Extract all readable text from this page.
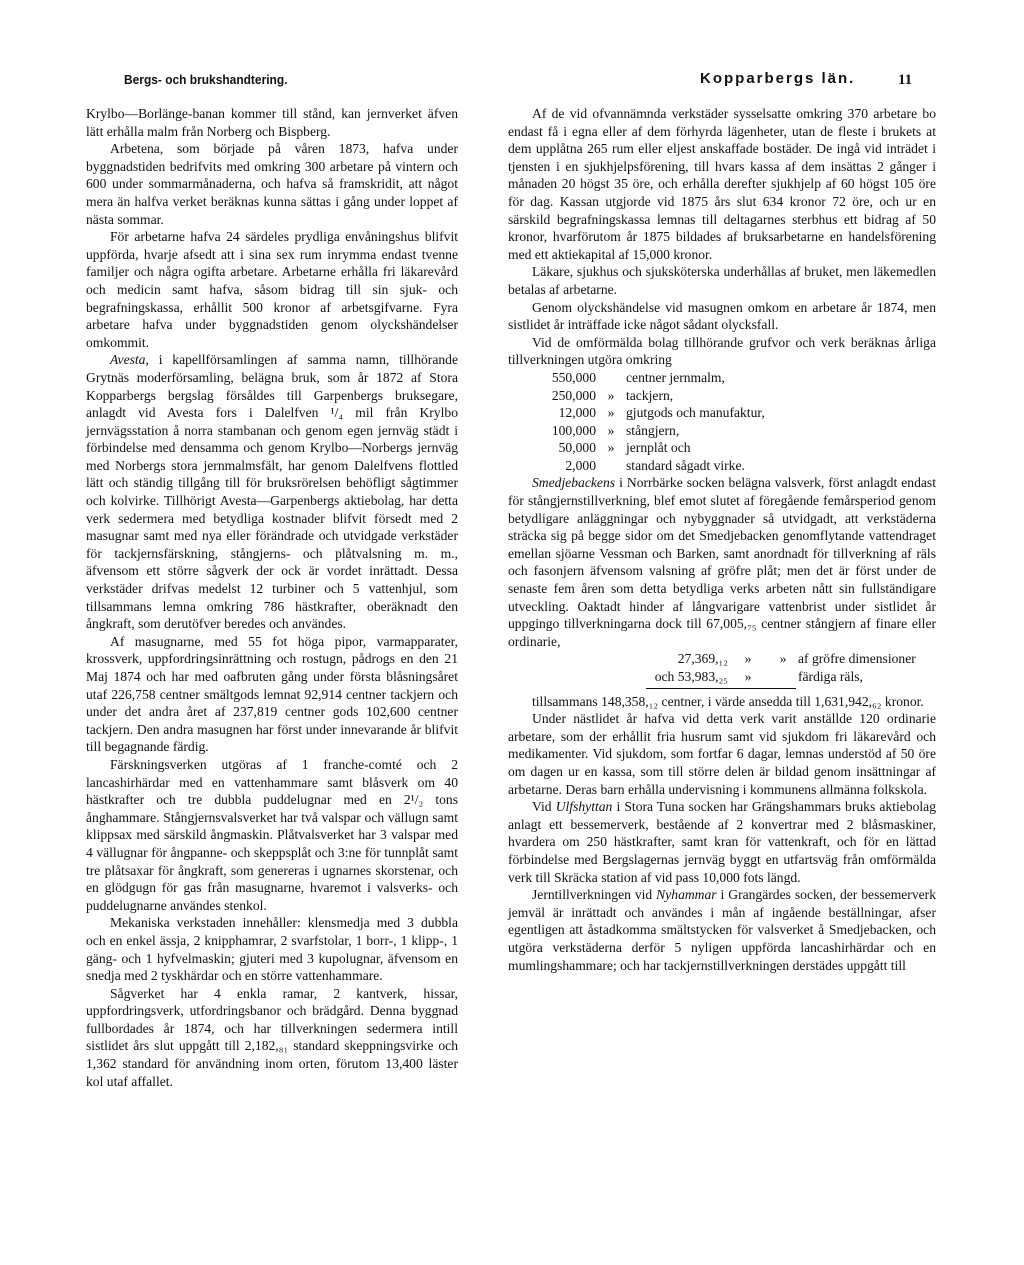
Bergs- och brukshandtering.	Kopparbergs län.	11

Krylbo—Borlänge-banan kommer till stånd, kan jernverket äfven lätt erhålla malm från Norberg och Bispberg.

Arbetena, som började på våren 1873, hafva under byggnadstiden bedrifvits med omkring 300 arbetare på vintern och 600 under sommarmånaderna, och hafva så framskridit, att något mera än halfva verket beräknas kunna sättas i gång under loppet af nästa sommar.

För arbetarne hafva 24 särdeles prydliga envåningshus blifvit uppförda, hvarje afsedt att i sina sex rum inrymma endast tvenne familjer och några ogifta arbetare. Arbetarne erhålla fri läkarevård och medicin samt hafva, såsom bidrag till sin sjuk- och begrafningskassa, erhållit 500 kronor af arbetsgifvarne. Fyra arbetare hafva under byggnadstiden genom olyckshändelser omkommit.

Avesta, i kapellförsamlingen af samma namn, tillhörande Grytnäs moderförsamling, belägna bruk, som år 1872 af Stora Kopparbergs bergslag försåldes till Garpenbergs bruksegare, anlagdt vid Avesta fors i Dalelfven ¹/₄ mil från Krylbo jernvägsstation å norra stambanan och genom egen jernväg städt i förbindelse med densamma och genom Krylbo—Norbergs jernväg med Norbergs stora jernmalmsfält, har genom Dalelfvens flottled lätt och ständig tillgång till för bruksrörelsen behöfligt sågtimmer och kolvirke. Tillhörigt Avesta—Garpenbergs aktiebolag, har detta verk sedermera med betydliga kostnader blifvit försedt med 2 masugnar samt med nya eller förändrade och utvidgade verkstäder för tackjernsfärskning, stångjerns- och plåtvalsning m. m., äfvensom ett större sågverk der ock är vordet inrättadt. Dessa verkstäder drifvas medelst 12 turbiner och 5 vattenhjul, som tillsammans lemna omkring 786 hästkrafter, oberäknadt den ångkraft, som derutöfver beredes och användes.

Af masugnarne, med 55 fot höga pipor, varmapparater, krossverk, uppfordringsinrättning och rostugn, pådrogs en den 21 Maj 1874 och har med oafbruten gång under första blåsningsåret utaf 226,758 centner smältgods lemnat 92,914 centner tackjern och under det andra året af 237,819 centner gods 102,600 centner tackjern. Den andra masugnen har först under innevarande år blifvit till begagnande färdig.

Färskningsverken utgöras af 1 franche-comté och 2 lancashirhärdar med en vattenhammare samt blåsverk om 40 hästkrafter och tre dubbla puddelugnar med en 2¹/₂ tons ånghammare. Stångjernsvalsverket har två valspar och vällugn samt klippsax med särskild ångmaskin. Plåtvalsverket har 3 valspar med 4 vällugnar för ångpanne- och skeppsplåt och 3:ne för tunnplåt samt tre plåtsaxar för ångkraft, som genereras i ugnarnes skorstenar, och en glödgugn för gas från masugnarne, hvaremot i valsverks- och puddelugnarne användes stenkol.

Mekaniska verkstaden innehåller: klensmedja med 3 dubbla och en enkel ässja, 2 knipphamrar, 2 svarfstolar, 1 borr-, 1 klipp-, 1 gäng- och 1 hyfvelmaskin; gjuteri med 3 kupolugnar, äfvensom en snedja med 2 tyskhärdar och en större vattenhammare.

Sågverket har 4 enkla ramar, 2 kantverk, hissar, uppfordringsverk, utfordringsbanor och brädgård. Denna byggnad fullbordades år 1874, och har tillverkningen sedermera intill sistlidet års slut uppgått till 2,182,₈₁ standard skeppningsvirke och 1,362 standard för användning inom orten, förutom 13,400 läster kol utaf affallet.

Af de vid ofvannämnda verkstäder sysselsatte omkring 370 arbetare bo endast få i egna eller af dem förhyrda lägenheter, utan de fleste i brukets at dem upplåtna 265 rum eller eljest anskaffade bostäder. De ingå vid inträdet i tjensten i en sjukhjelpsförening, till hvars kassa af dem insättas 2 gånger i månaden 20 högst 35 öre, och erhålla derefter sjukhjelp af 60 högst 105 öre för dag. Kassan utgjorde vid 1875 års slut 634 kronor 72 öre, och ur en särskild begrafningskassa lemnas till deltagarnes sterbhus ett bidrag af 50 kronor, hvarförutom år 1875 bildades af bruksarbetarne en handelsförening med ett aktiekapital af 15,000 kronor.

Läkare, sjukhus och sjuksköterska underhållas af bruket, men läkemedlen betalas af arbetarne.

Genom olyckshändelse vid masugnen omkom en arbetare år 1874, men sistlidet år inträffade icke något sådant olycksfall.

Vid de omförmälda bolag tillhörande grufvor och verk beräknas årliga tillverkningen utgöra omkring

550,000 centner jernmalm,
250,000 » tackjern,
12,000 » gjutgods och manufaktur,
100,000 » stångjern,
50,000 » jernplåt och
2,000 standard sågadt virke.

Smedjebackens i Norrbärke socken belägna valsverk, först anlagdt endast för stångjernstillverkning, blef emot slutet af föregående femårsperiod genom betydligare anläggningar och nybyggnader så utvidgadt, att verkstäderna sträcka sig på begge sidor om det Smedjebacken genomflytande vattendraget emellan sjöarne Vessman och Barken, samt anordnadt för tillverkning af räls och fasonjern äfvensom valsning af gröfre plåt; men det är först under de senaste fem åren som detta betydliga verks arbeten nått sin fullständigare utveckling. Oaktadt hinder af långvarigare vattenbrist under sistlidet år uppgingo tillverkningarna dock till 67,005,₇₅ centner stångjern af finare eller ordinarie,

27,369,₁₂	»	» af gröfre dimensioner
och 53,983,₂₅	»	färdiga räls,

tillsammans 148,358,₁₂ centner, i värde ansedda till 1,631,942,₆₂ kronor.

Under nästlidet år hafva vid detta verk varit anställde 120 ordinarie arbetare, som der erhållit fria husrum samt vid sjukdom fri läkarevård och medikamenter. Vid sjukdom, som fortfar 6 dagar, lemnas understöd af 50 öre om dagen ur en kassa, som till större delen är bildad genom insättningar af arbetarne. Deras barn erhålla undervisning i kommunens allmänna folkskola.

Vid Ulfshyttan i Stora Tuna socken har Grängshammars bruks aktiebolag anlagt ett bessemerverk, bestående af 2 konvertrar med 2 blåsmaskiner, hvardera om 250 hästkrafter, samt kran för vattenkraft, och för en lättad förbindelse med Bergslagernas jernväg byggt en utfartsväg från omförmälda verk till Skräcka station af vid pass 10,000 fots längd.

Jerntillverkningen vid Nyhammar i Grangärdes socken, der bessemerverk jemväl är inrättadt och användes i mån af ingående beställningar, afser egentligen att åstadkomma smältstycken för valsverket å Smedjebacken, och utgöra verkstäderna derför 5 nyligen uppförda lancashirhärdar och en mumlingshammare; och har tackjernstillverkningen derstädes uppgått till
